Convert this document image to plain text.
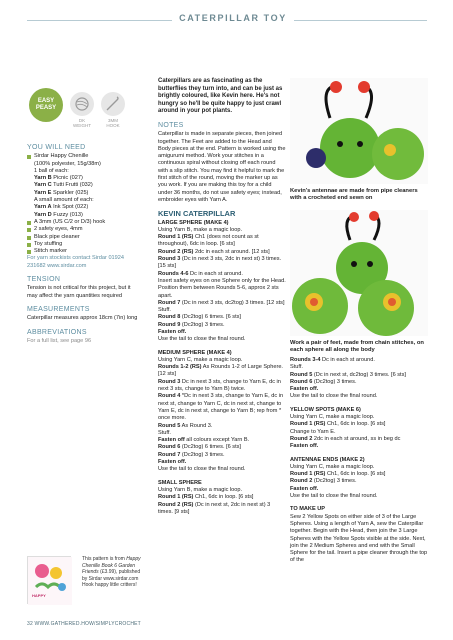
CATERPILLAR TOY
EASY
PEASY
DK
WEIGHT
3MM
HOOK
YOU WILL NEED
Sirdar Happy Chenille
(100% polyester, 15g/38m)
1 ball of each:
Yarn B Picnic (027)
Yarn C Tutti Frutti (032)
Yarn E Sparkler (025)
A small amount of each:
Yarn A Ink Spot (022)
Yarn D Fuzzy (013)
A 3mm (US C/2 or D/3) hook
2 safety eyes, 4mm
Black pipe cleaner
Toy stuffing
Stitch marker
For yarn stockists contact Sirdar 01924 231682 www.sirdar.com
TENSION
Tension is not critical for this project, but it may affect the yarn quantities required
MEASUREMENTS
Caterpillar measures approx 18cm (7in) long
ABBREVIATIONS
For a full list, see page 96
HAPPY
This pattern is from Happy Chenille Book 6 Garden Friends (£3.99), published by Sirdar www.sirdar.com Hook happy little critters!
Caterpillars are as fascinating as the butterflies they turn into, and can be just as brightly coloured, like Kevin here. He's not hungry so he'll be quite happy to just crawl around in your pot plants.
NOTES
Caterpillar is made in separate pieces, then joined together. The Feet are added to the Head and Body pieces at the end. Pattern is worked using the amigurumi method. Work your stitches in a continuous spiral without closing off each round with a slip stitch. You may find it helpful to mark the first stitch of the round, moving the marker up as you work. If you are making this toy for a child under 36 months, do not use safety eyes; instead, embroider eyes with Yarn A.
KEVIN CATERPILLAR
LARGE SPHERE (MAKE 4)
Using Yarn B, make a magic loop.
Round 1 (RS) Ch1 (does not count as st throughout), 6dc in loop. [6 sts]
Round 2 (RS) 2dc in each st around. [12 sts]
Round 3 (Dc in next 3 sts, 2dc in next st) 3 times. [15 sts]
Rounds 4-6 Dc in each st around.
Insert safety eyes on one Sphere only for the Head. Position them between Rounds 5-6, approx 2 sts apart.
Round 7 (Dc in next 3 sts, dc2tog) 3 times. [12 sts]
Stuff.
Round 8 (Dc2tog) 6 times. [6 sts]
Round 9 (Dc2tog) 3 times.
Fasten off.
Use the tail to close the final round.
MEDIUM SPHERE (MAKE 4)
Using Yarn C, make a magic loop.
Rounds 1-2 (RS) As Rounds 1-2 of Large Sphere. [12 sts]
Round 3 Dc in next 3 sts, change to Yarn E, dc in next 3 sts, change to Yarn B) twice.
Round 4 *Dc in next 3 sts, change to Yarn E, dc in next st, change to Yarn C, dc in next st, change to Yarn E, dc in next st, change to Yarn B; rep from * once more.
Round 5 As Round 3.
Stuff.
Fasten off all colours except Yarn B.
Round 6 (Dc2tog) 6 times. [6 sts]
Round 7 (Dc2tog) 3 times.
Fasten off.
Use the tail to close the final round.
SMALL SPHERE
Using Yarn B, make a magic loop.
Round 1 (RS) Ch1, 6dc in loop. [6 sts]
Round 2 (RS) (Dc in next st, 2dc in next st) 3 times. [9 sts]
Kevin's antennae are made from pipe cleaners with a crocheted end sewn on
Work a pair of feet, made from chain stitches, on each sphere all along the body
Rounds 3-4 Dc in each st around.
Stuff.
Round 5 (Dc in next st, dc2tog) 3 times. [6 sts]
Round 6 (Dc2tog) 3 times.
Fasten off.
Use the tail to close the final round.
YELLOW SPOTS (MAKE 6)
Using Yarn C, make a magic loop.
Round 1 (RS) Ch1, 6dc in loop. [6 sts]
Change to Yarn E.
Round 2 2dc in each st around, ss in beg dc
Fasten off.
ANTENNAE ENDS (MAKE 2)
Using Yarn C, make a magic loop.
Round 1 (RS) Ch1, 6dc in loop. [6 sts]
Round 2 (Dc2tog) 3 times.
Fasten off.
Use the tail to close the final round.
TO MAKE UP
Sew 2 Yellow Spots on either side of 3 of the Large Spheres. Using a length of Yarn A, sew the Caterpillar together. Begin with the Head, then join the 3 Large Spheres with the Yellow Spots visible at the side. Next, join the 2 Medium Spheres and end with the Small Sphere for the tail. Insert a pipe cleaner through the top of the
32 WWW.GATHERED.HOW/SIMPLYCROCHET
